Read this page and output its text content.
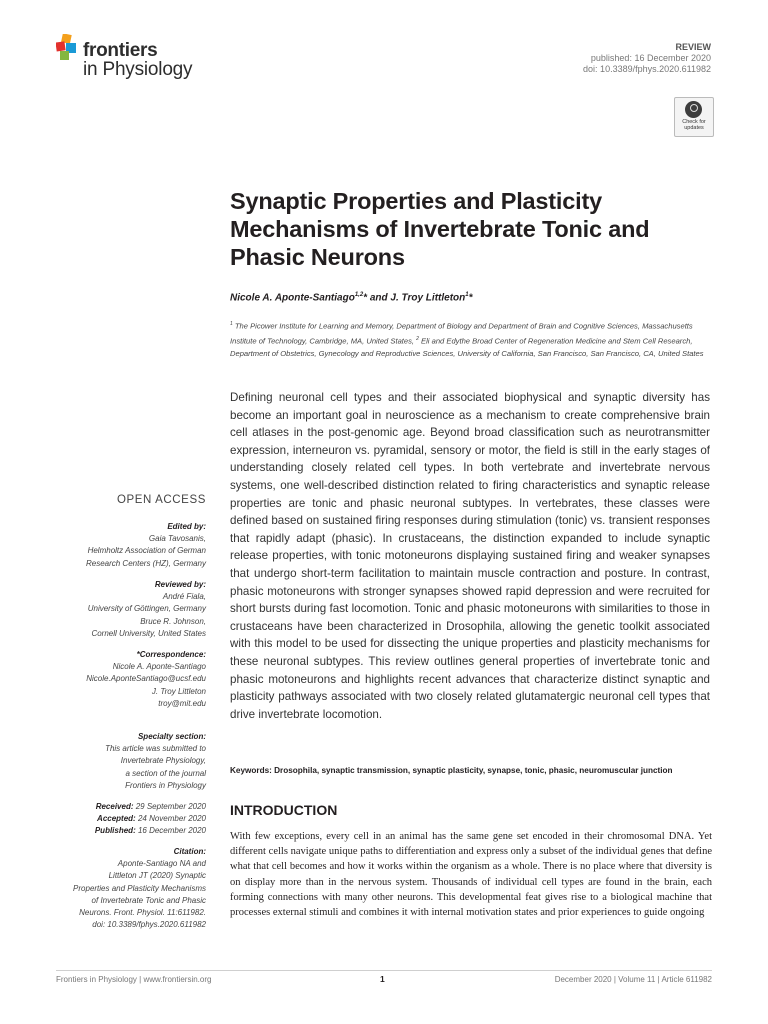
frontiers
in Physiology
REVIEW
published: 16 December 2020
doi: 10.3389/fphys.2020.611982
Check for updates
Synaptic Properties and Plasticity Mechanisms of Invertebrate Tonic and Phasic Neurons
Nicole A. Aponte-Santiago$^{1,2}$* and J. Troy Littleton$^1$*
$^1$ The Picower Institute for Learning and Memory, Department of Biology and Department of Brain and Cognitive Sciences, Massachusetts Institute of Technology, Cambridge, MA, United States, $^2$ Eli and Edythe Broad Center of Regeneration Medicine and Stem Cell Research, Department of Obstetrics, Gynecology and Reproductive Sciences, University of California, San Francisco, San Francisco, CA, United States
Defining neuronal cell types and their associated biophysical and synaptic diversity has become an important goal in neuroscience as a mechanism to create comprehensive brain cell atlases in the post-genomic age. Beyond broad classification such as neurotransmitter expression, interneuron vs. pyramidal, sensory or motor, the field is still in the early stages of understanding closely related cell types. In both vertebrate and invertebrate nervous systems, one well-described distinction related to firing characteristics and synaptic release properties are tonic and phasic neuronal subtypes. In vertebrates, these classes were defined based on sustained firing responses during stimulation (tonic) vs. transient responses that rapidly adapt (phasic). In crustaceans, the distinction expanded to include synaptic release properties, with tonic motoneurons displaying sustained firing and weaker synapses that undergo short-term facilitation to maintain muscle contraction and posture. In contrast, phasic motoneurons with stronger synapses showed rapid depression and were recruited for short bursts during fast locomotion. Tonic and phasic motoneurons with similarities to those in crustaceans have been characterized in Drosophila, allowing the genetic toolkit associated with this model to be used for dissecting the unique properties and plasticity mechanisms for these neuronal subtypes. This review outlines general properties of invertebrate tonic and phasic motoneurons and highlights recent advances that characterize distinct synaptic and plasticity pathways associated with two closely related glutamatergic neuronal cell types that drive invertebrate locomotion.
Keywords: Drosophila, synaptic transmission, synaptic plasticity, synapse, tonic, phasic, neuromuscular junction
INTRODUCTION
With few exceptions, every cell in an animal has the same gene set encoded in their chromosomal DNA. Yet different cells navigate unique paths to differentiation and express only a subset of the individual genes that define what that cell becomes and how it works within the organism as a whole. There is no place where that diversity is on display more than in the nervous system. Thousands of individual cell types are found in the brain, each forming connections with many other neurons. This developmental feat gives rise to a biological machine that processes external stimuli and combines it with internal motivation states and prior experiences to guide ongoing
OPEN ACCESS
Edited by:
Gaia Tavosanis,
Helmholtz Association of German
Research Centers (HZ), Germany
Reviewed by:
André Fiala,
University of Göttingen, Germany
Bruce R. Johnson,
Cornell University, United States
*Correspondence:
Nicole A. Aponte-Santiago
Nicole.AponteSantiago@ucsf.edu
J. Troy Littleton
troy@mit.edu
Specialty section:
This article was submitted to
Invertebrate Physiology,
a section of the journal
Frontiers in Physiology
Received: 29 September 2020
Accepted: 24 November 2020
Published: 16 December 2020
Citation:
Aponte-Santiago NA and
Littleton JT (2020) Synaptic
Properties and Plasticity Mechanisms
of Invertebrate Tonic and Phasic
Neurons. Front. Physiol. 11:611982.
doi: 10.3389/fphys.2020.611982
Frontiers in Physiology | www.frontiersin.org	1	December 2020 | Volume 11 | Article 611982
